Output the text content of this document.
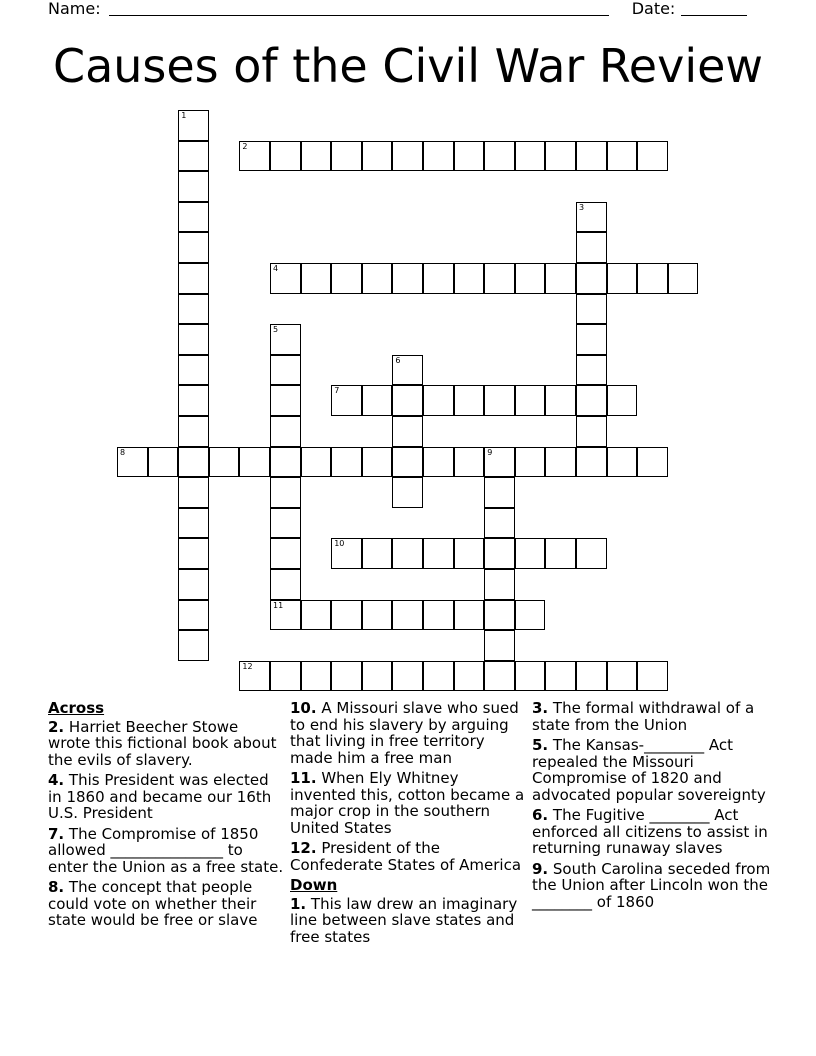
Name:	Date:
Causes of the Civil War Review
1
2
3
4
5
6
7
8	9
10
11
12
Across
2. Harriet Beecher Stowe wrote this fictional book about the evils of slavery.
4. This President was elected in 1860 and became our 16th U.S. President
7. The Compromise of 1850 allowed _______________ to enter the Union as a free state.
8. The concept that people could vote on whether their state would be free or slave
10. A Missouri slave who sued to end his slavery by arguing that living in free territory made him a free man
11. When Ely Whitney invented this, cotton became a major crop in the southern United States
12. President of the Confederate States of America
Down
1. This law drew an imaginary line between slave states and free states
3. The formal withdrawal of a state from the Union
5. The Kansas-________ Act repealed the Missouri Compromise of 1820 and advocated popular sovereignty
6. The Fugitive ________ Act enforced all citizens to assist in returning runaway slaves
9. South Carolina seceded from the Union after Lincoln won the ________ of 1860
